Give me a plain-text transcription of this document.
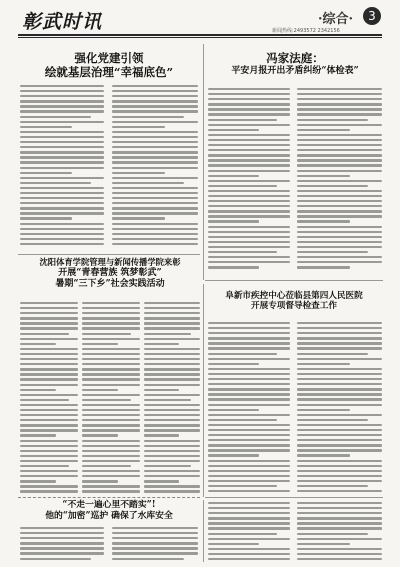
彰武时讯	·综合·	3
新闻热线:2493572 2342156
强化党建引领
绘就基层治理“幸福底色”
冯家法庭：
平安月报开出矛盾纠纷“体检表”
沈阳体育学院管理与新闻传播学院来彰
开展“青春营族 筑梦彰武”
暑期“三下乡”社会实践活动
阜新市疾控中心莅临县第四人民医院
开展专项督导检查工作
“不走一遍心里不踏实”!
他的“加密”巡护 确保了水库安全
